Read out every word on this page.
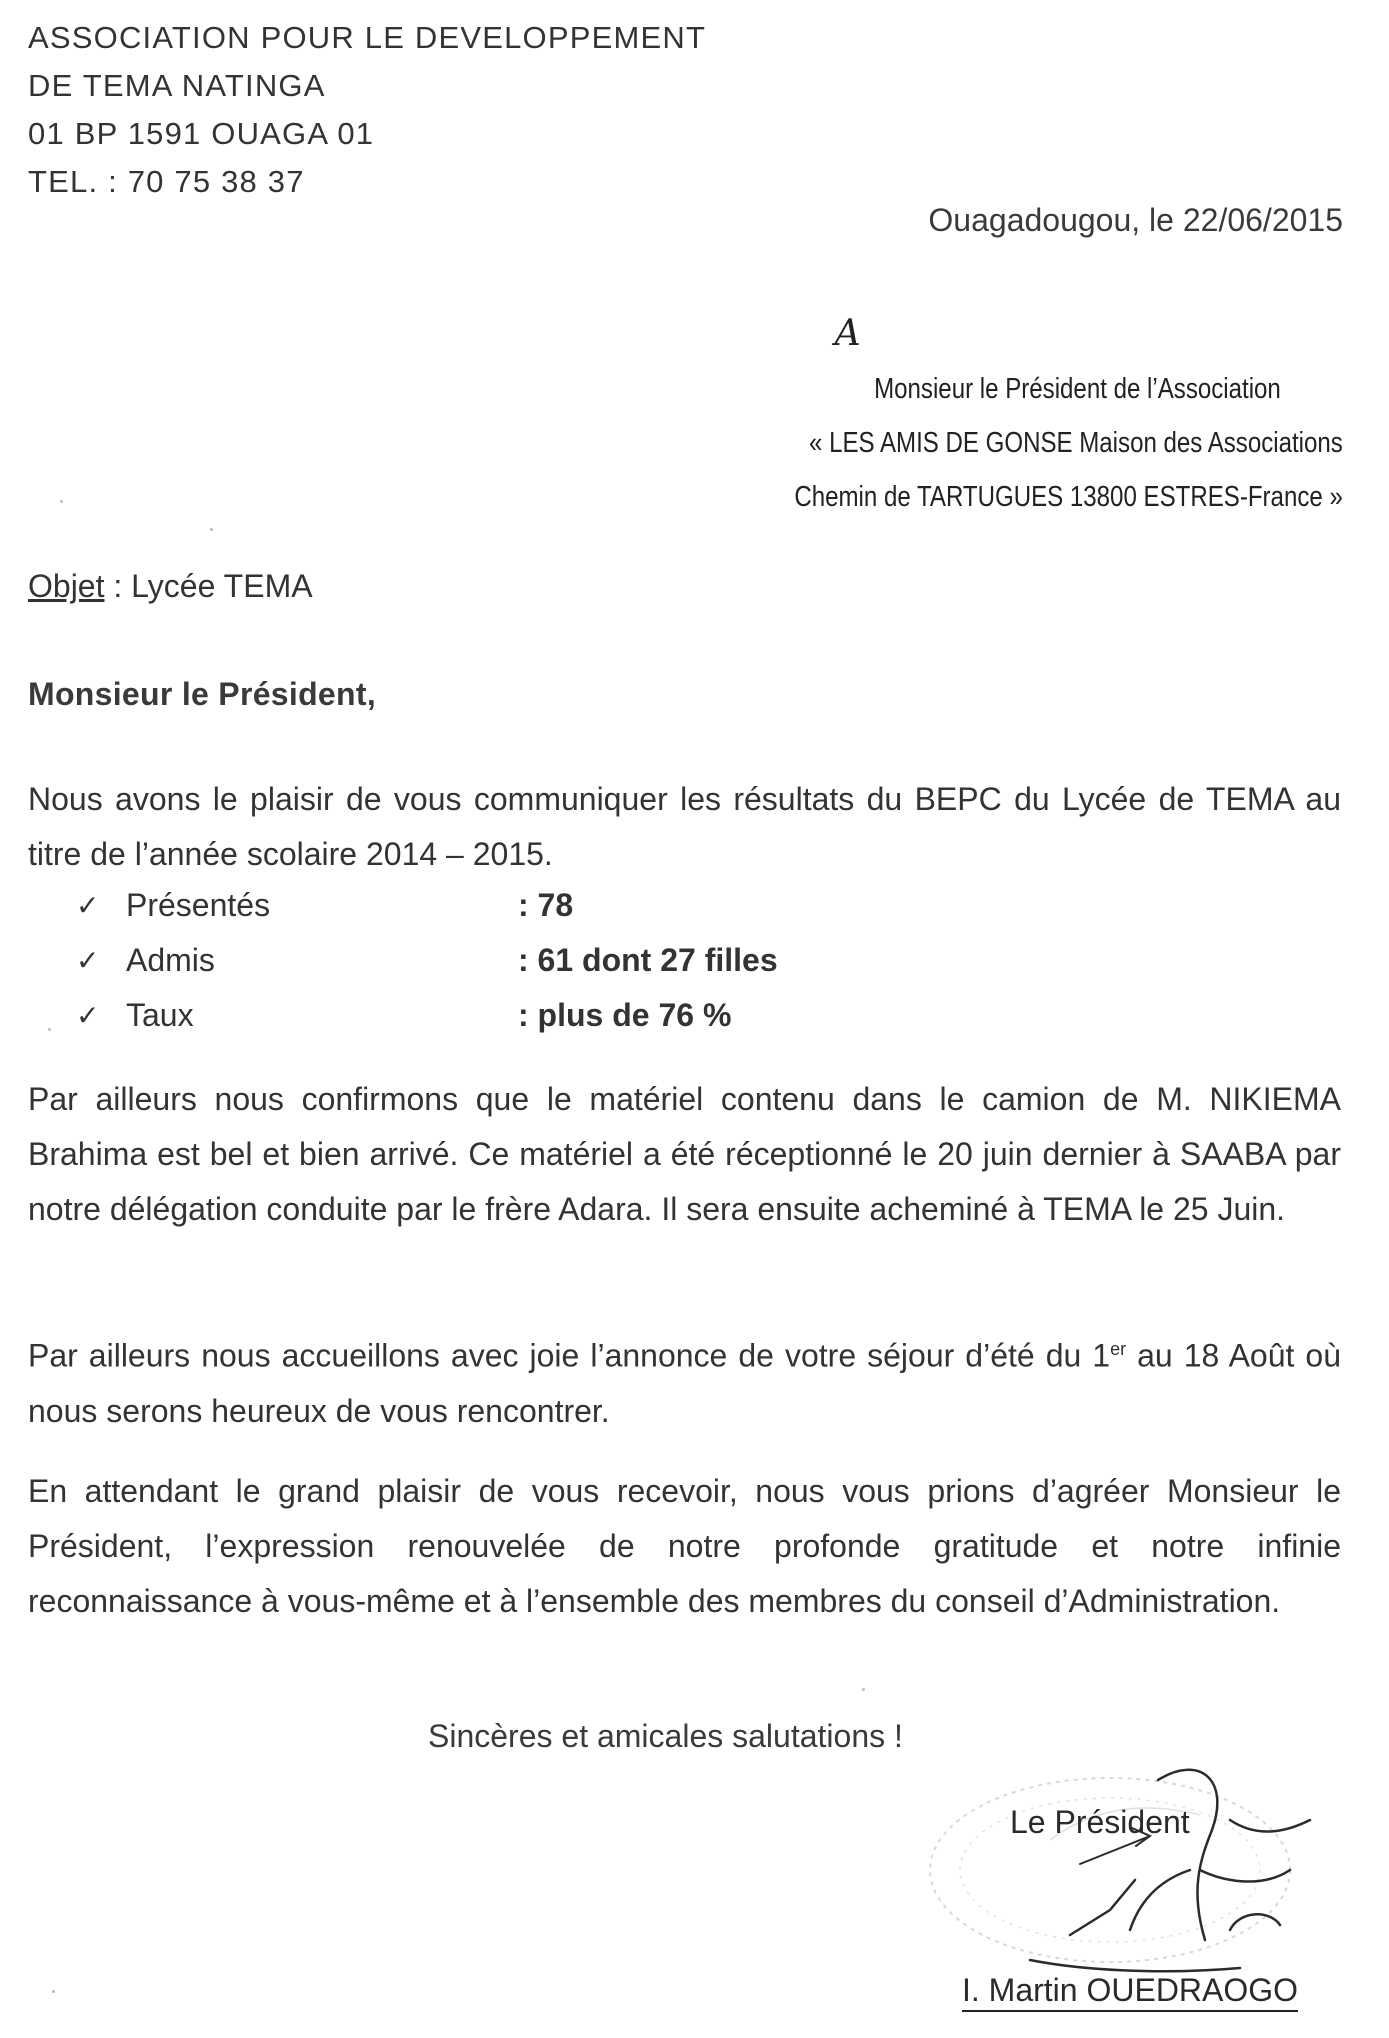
ASSOCIATION POUR LE DEVELOPPEMENT
DE TEMA NATINGA
01 BP 1591 OUAGA 01
TEL. : 70 75 38 37
Ouagadougou, le 22/06/2015
A
Monsieur le Président de l’Association
« LES AMIS DE GONSE Maison des Associations
Chemin de TARTUGUES 13800 ESTRES-France »
Objet : Lycée TEMA
Monsieur le Président,
Nous avons le plaisir de vous communiquer les résultats du BEPC du Lycée de TEMA au titre de l’année scolaire 2014 – 2015.
✓ Présentés	: 78
✓ Admis	: 61 dont 27 filles
✓ Taux	: plus de 76 %
Par ailleurs nous confirmons que le matériel contenu dans le camion de M. NIKIEMA Brahima est bel et bien arrivé. Ce matériel a été réceptionné le 20 juin dernier à SAABA par notre délégation conduite par le frère Adara. Il sera ensuite acheminé à TEMA le 25 Juin.
Par ailleurs nous accueillons avec joie l’annonce de votre séjour d’été du 1er au 18 Août où nous serons heureux de vous rencontrer.
En attendant le grand plaisir de vous recevoir, nous vous prions d’agréer Monsieur le Président, l’expression renouvelée de notre profonde gratitude et notre infinie reconnaissance à vous-même et à l’ensemble des membres du conseil d’Administration.
Sincères et amicales salutations !
Le Président
I. Martin OUEDRAOGO
